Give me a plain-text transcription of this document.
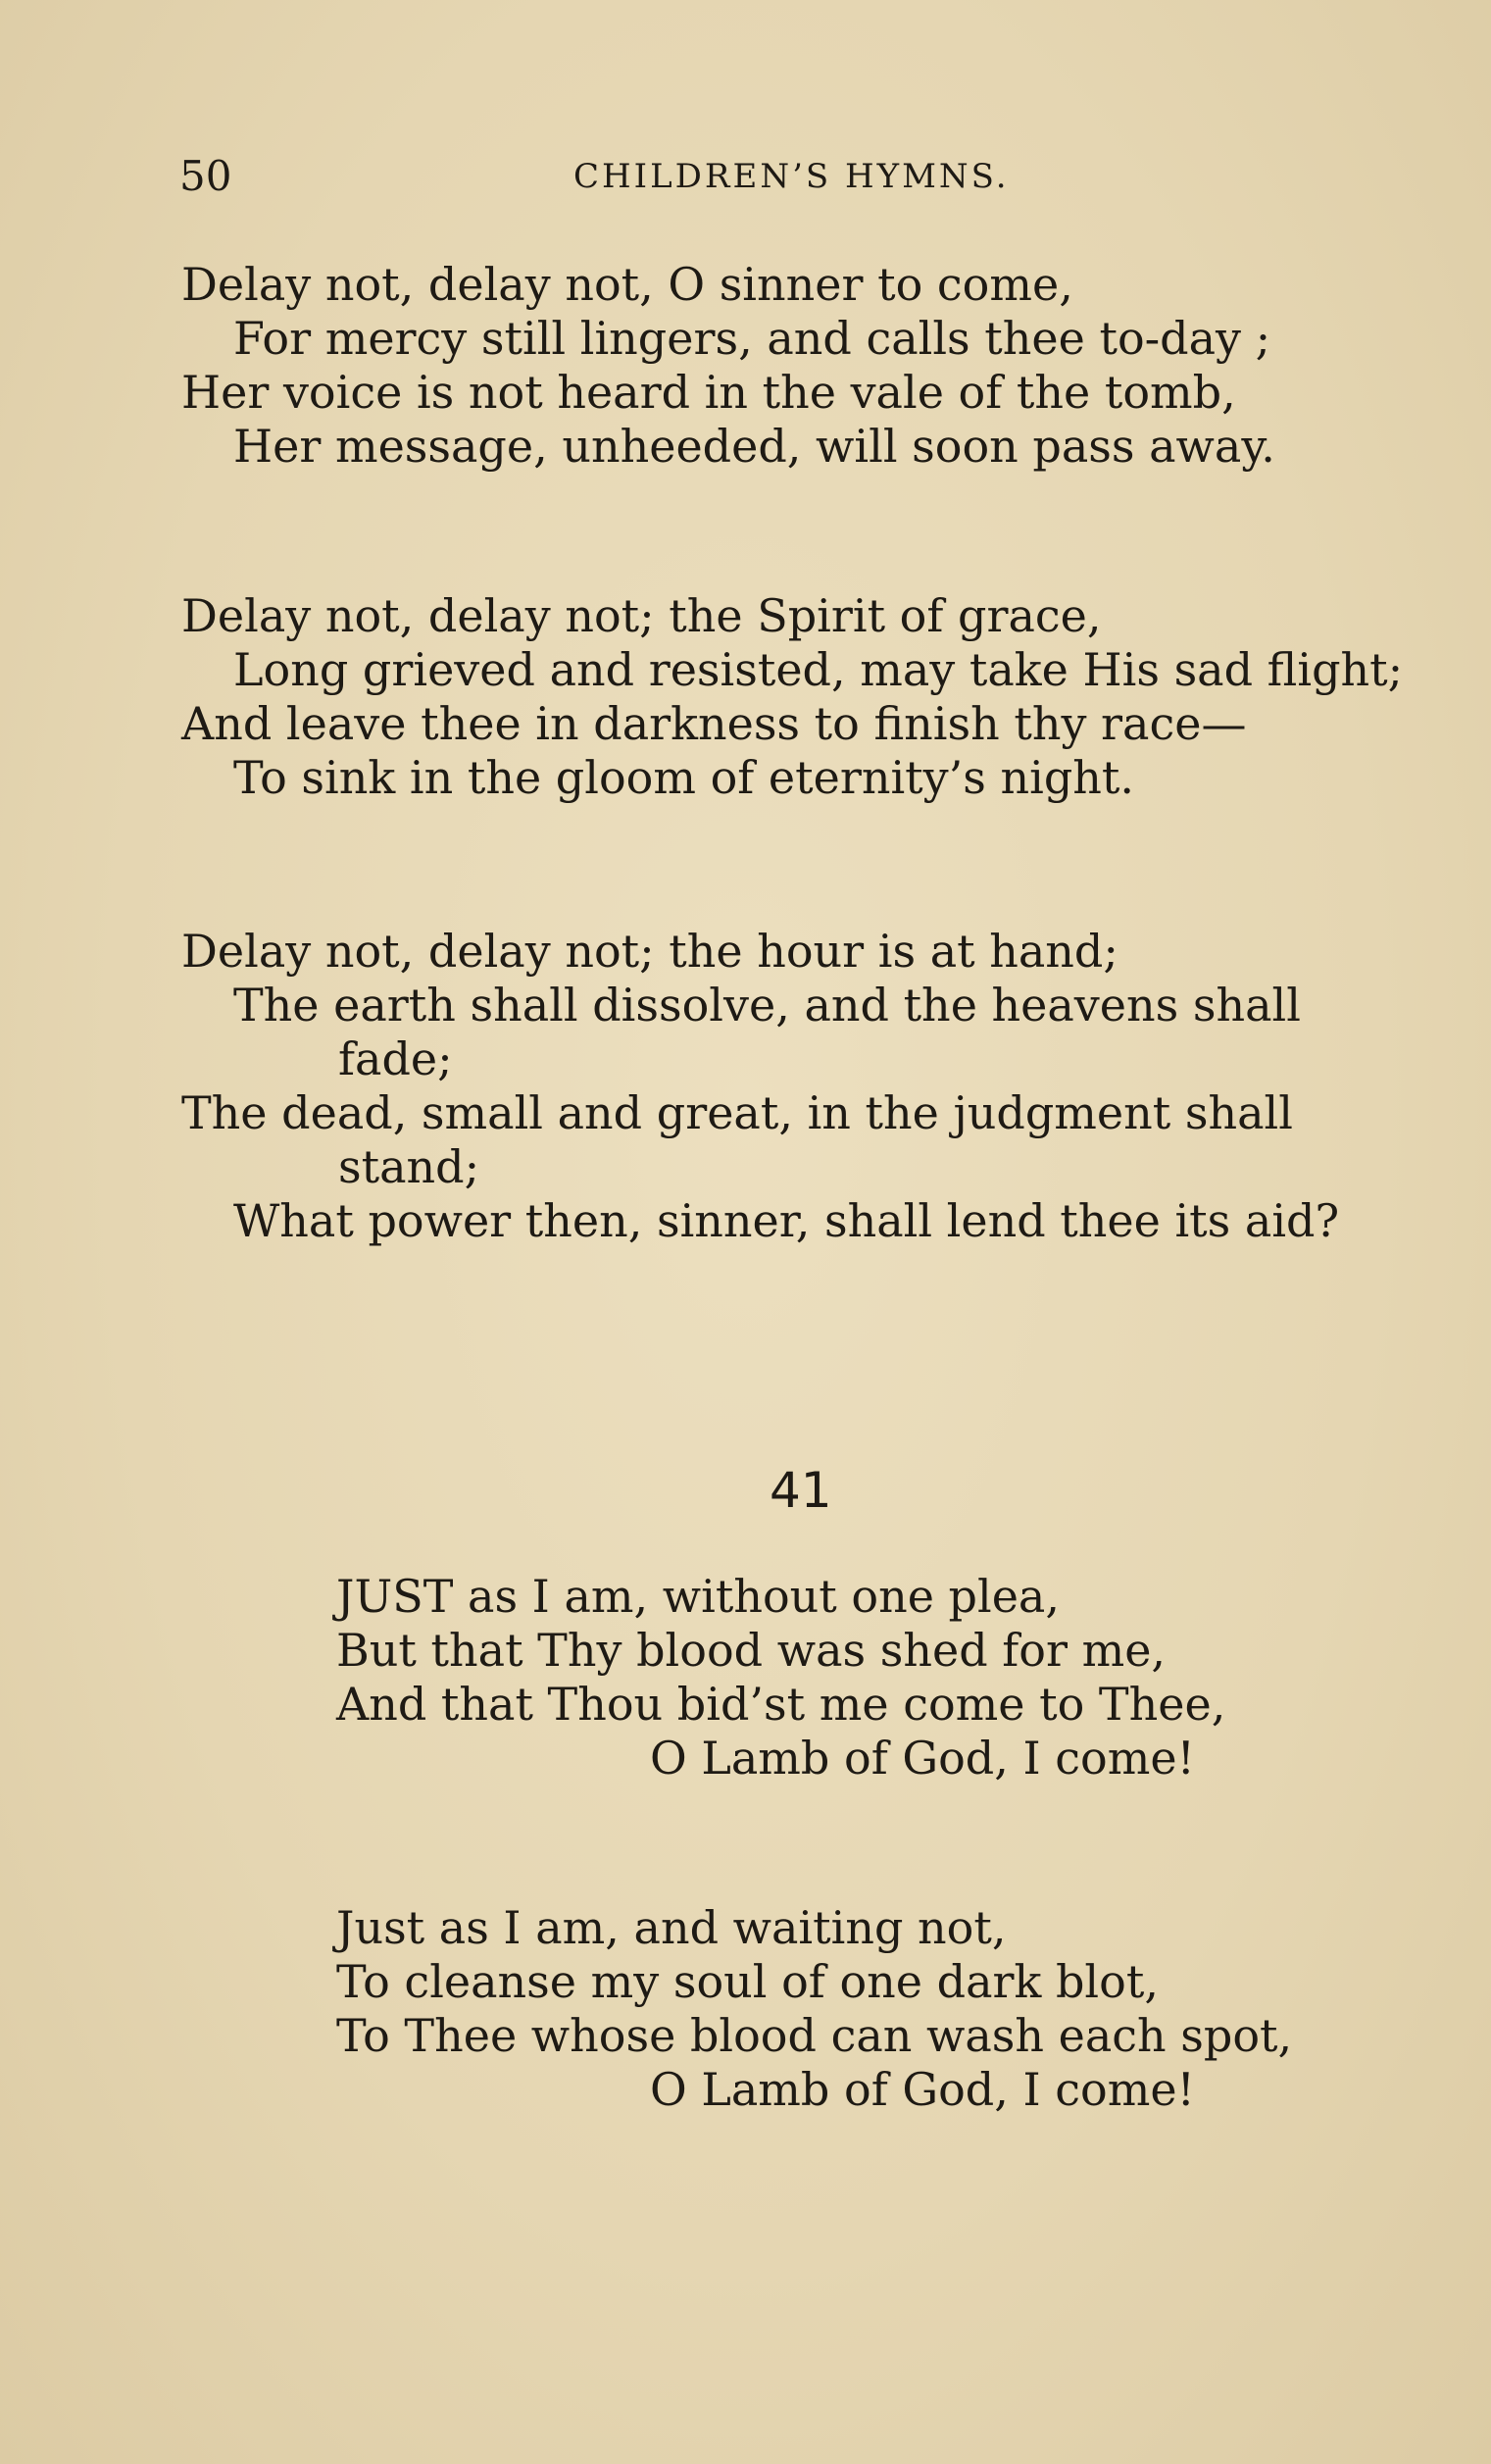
50	CHILDREN’S HYMNS.
Delay not, delay not, O sinner to come,
For mercy still lingers, and calls thee to-day ;
Her voice is not heard in the vale of the tomb,
Her message, unheeded, will soon pass away.
Delay not, delay not; the Spirit of grace,
Long grieved and resisted, may take His sad flight;
And leave thee in darkness to finish thy race—
To sink in the gloom of eternity’s night.
Delay not, delay not; the hour is at hand;
The earth shall dissolve, and the heavens shall
fade;
The dead, small and great, in the judgment shall
stand;
What power then, sinner, shall lend thee its aid?
41
JUST as I am, without one plea,
But that Thy blood was shed for me,
And that Thou bid’st me come to Thee,
O Lamb of God, I come!
Just as I am, and waiting not,
To cleanse my soul of one dark blot,
To Thee whose blood can wash each spot,
O Lamb of God, I come!
